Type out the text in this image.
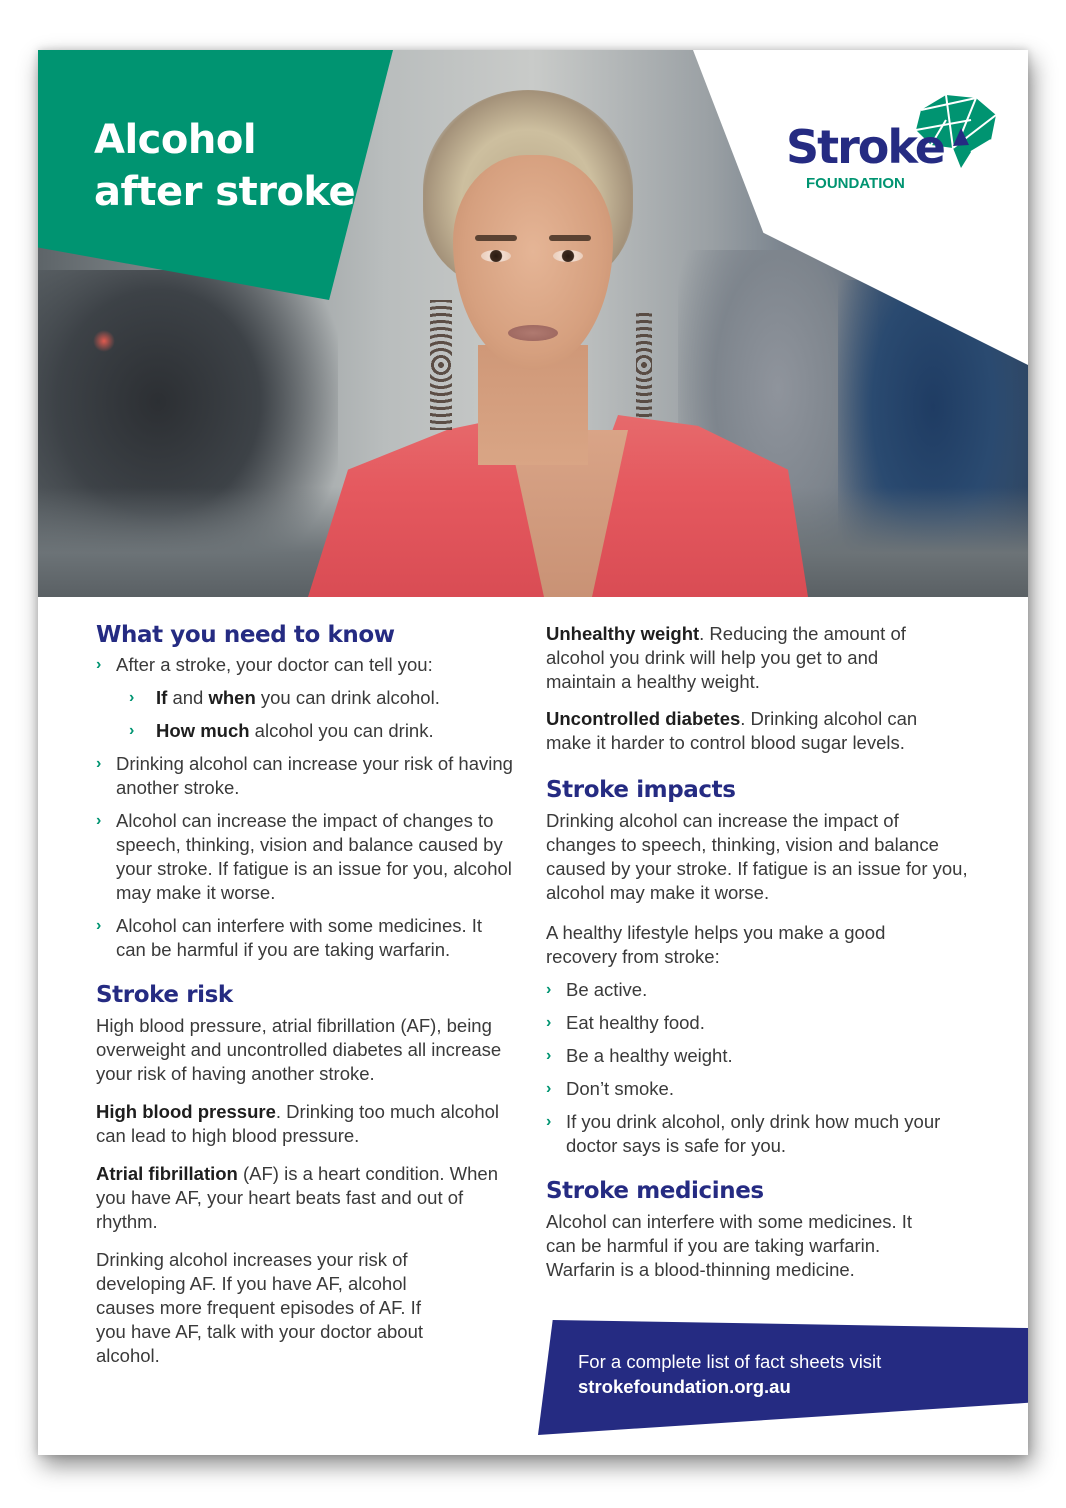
Alcohol
after stroke
Stroke
FOUNDATION
What you need to know
› After a stroke, your doctor can tell you:
› If and when you can drink alcohol.
› How much alcohol you can drink.
› Drinking alcohol can increase your risk of having another stroke.
› Alcohol can increase the impact of changes to speech, thinking, vision and balance caused by your stroke. If fatigue is an issue for you, alcohol may make it worse.
› Alcohol can interfere with some medicines. It can be harmful if you are taking warfarin.
Stroke risk

High blood pressure, atrial fibrillation (AF), being overweight and uncontrolled diabetes all increase your risk of having another stroke.

High blood pressure. Drinking too much alcohol can lead to high blood pressure.

Atrial fibrillation (AF) is a heart condition. When you have AF, your heart beats fast and out of rhythm.

Drinking alcohol increases your risk of developing AF. If you have AF, alcohol causes more frequent episodes of AF. If you have AF, talk with your doctor about alcohol.

Unhealthy weight. Reducing the amount of alcohol you drink will help you get to and maintain a healthy weight.

Uncontrolled diabetes. Drinking alcohol can make it harder to control blood sugar levels.

Stroke impacts

Drinking alcohol can increase the impact of changes to speech, thinking, vision and balance caused by your stroke. If fatigue is an issue for you, alcohol may make it worse.

A healthy lifestyle helps you make a good recovery from stroke:

› Be active.
› Eat healthy food.
› Be a healthy weight.
› Don’t smoke.
› If you drink alcohol, only drink how much your doctor says is safe for you.
Stroke medicines

Alcohol can interfere with some medicines. It can be harmful if you are taking warfarin. Warfarin is a blood-thinning medicine.

For a complete list of fact sheets visit
strokefoundation.org.au
